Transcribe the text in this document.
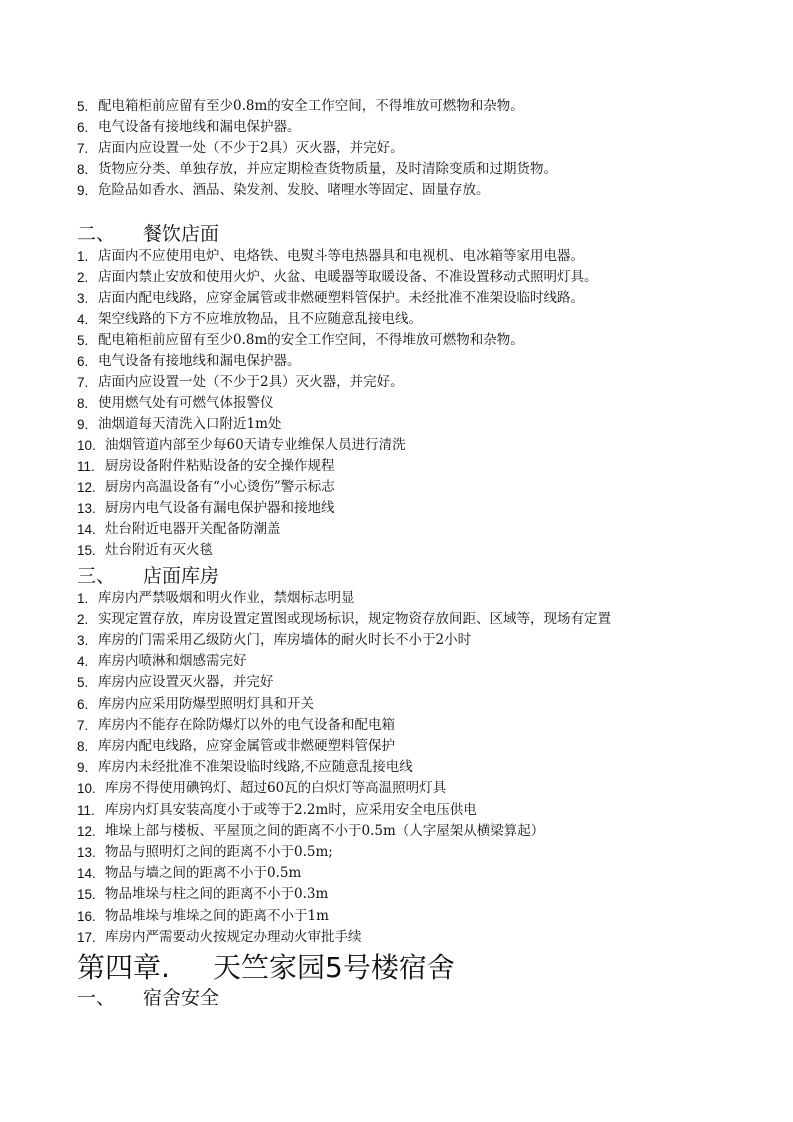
5. 配电箱柜前应留有至少0.8m的安全工作空间，不得堆放可燃物和杂物。
6. 电气设备有接地线和漏电保护器。
7. 店面内应设置一处（不少于2具）灭火器，并完好。
8. 货物应分类、单独存放，并应定期检查货物质量，及时清除变质和过期货物。
9. 危险品如香水、酒品、染发剂、发胶、啫哩水等固定、固量存放。
二、 餐饮店面
1. 店面内不应使用电炉、电烙铁、电熨斗等电热器具和电视机、电冰箱等家用电器。
2. 店面内禁止安放和使用火炉、火盆、电暖器等取暖设备、不准设置移动式照明灯具。
3. 店面内配电线路，应穿金属管或非燃硬塑料管保护。未经批准不准架设临时线路。
4. 架空线路的下方不应堆放物品，且不应随意乱接电线。
5. 配电箱柜前应留有至少0.8m的安全工作空间，不得堆放可燃物和杂物。
6. 电气设备有接地线和漏电保护器。
7. 店面内应设置一处（不少于2具）灭火器，并完好。
8. 使用燃气处有可燃气体报警仪
9. 油烟道每天清洗入口附近1m处
10. 油烟管道内部至少每60天请专业维保人员进行清洗
11. 厨房设备附件粘贴设备的安全操作规程
12. 厨房内高温设备有“小心烫伤”警示标志
13. 厨房内电气设备有漏电保护器和接地线
14. 灶台附近电器开关配备防潮盖
15. 灶台附近有灭火毯
三、 店面库房
1. 库房内严禁吸烟和明火作业，禁烟标志明显
2. 实现定置存放，库房设置定置图或现场标识，规定物资存放间距、区域等，现场有定置
3. 库房的门需采用乙级防火门，库房墙体的耐火时长不小于2小时
4. 库房内喷淋和烟感需完好
5. 库房内应设置灭火器，并完好
6. 库房内应采用防爆型照明灯具和开关
7. 库房内不能存在除防爆灯以外的电气设备和配电箱
8. 库房内配电线路，应穿金属管或非燃硬塑料管保护
9. 库房内未经批准不准架设临时线路,不应随意乱接电线
10. 库房不得使用碘钨灯、超过60瓦的白炽灯等高温照明灯具
11. 库房内灯具安装高度小于或等于2.2m时，应采用安全电压供电
12. 堆垛上部与楼板、平屋顶之间的距离不小于0.5m（人字屋架从横梁算起）
13. 物品与照明灯之间的距离不小于0.5m;
14. 物品与墙之间的距离不小于0.5m
15. 物品堆垛与柱之间的距离不小于0.3m
16. 物品堆垛与堆垛之间的距离不小于1m
17. 库房内严需要动火按规定办理动火审批手续
第四章. 天竺家园5号楼宿舍
一、 宿舍安全
